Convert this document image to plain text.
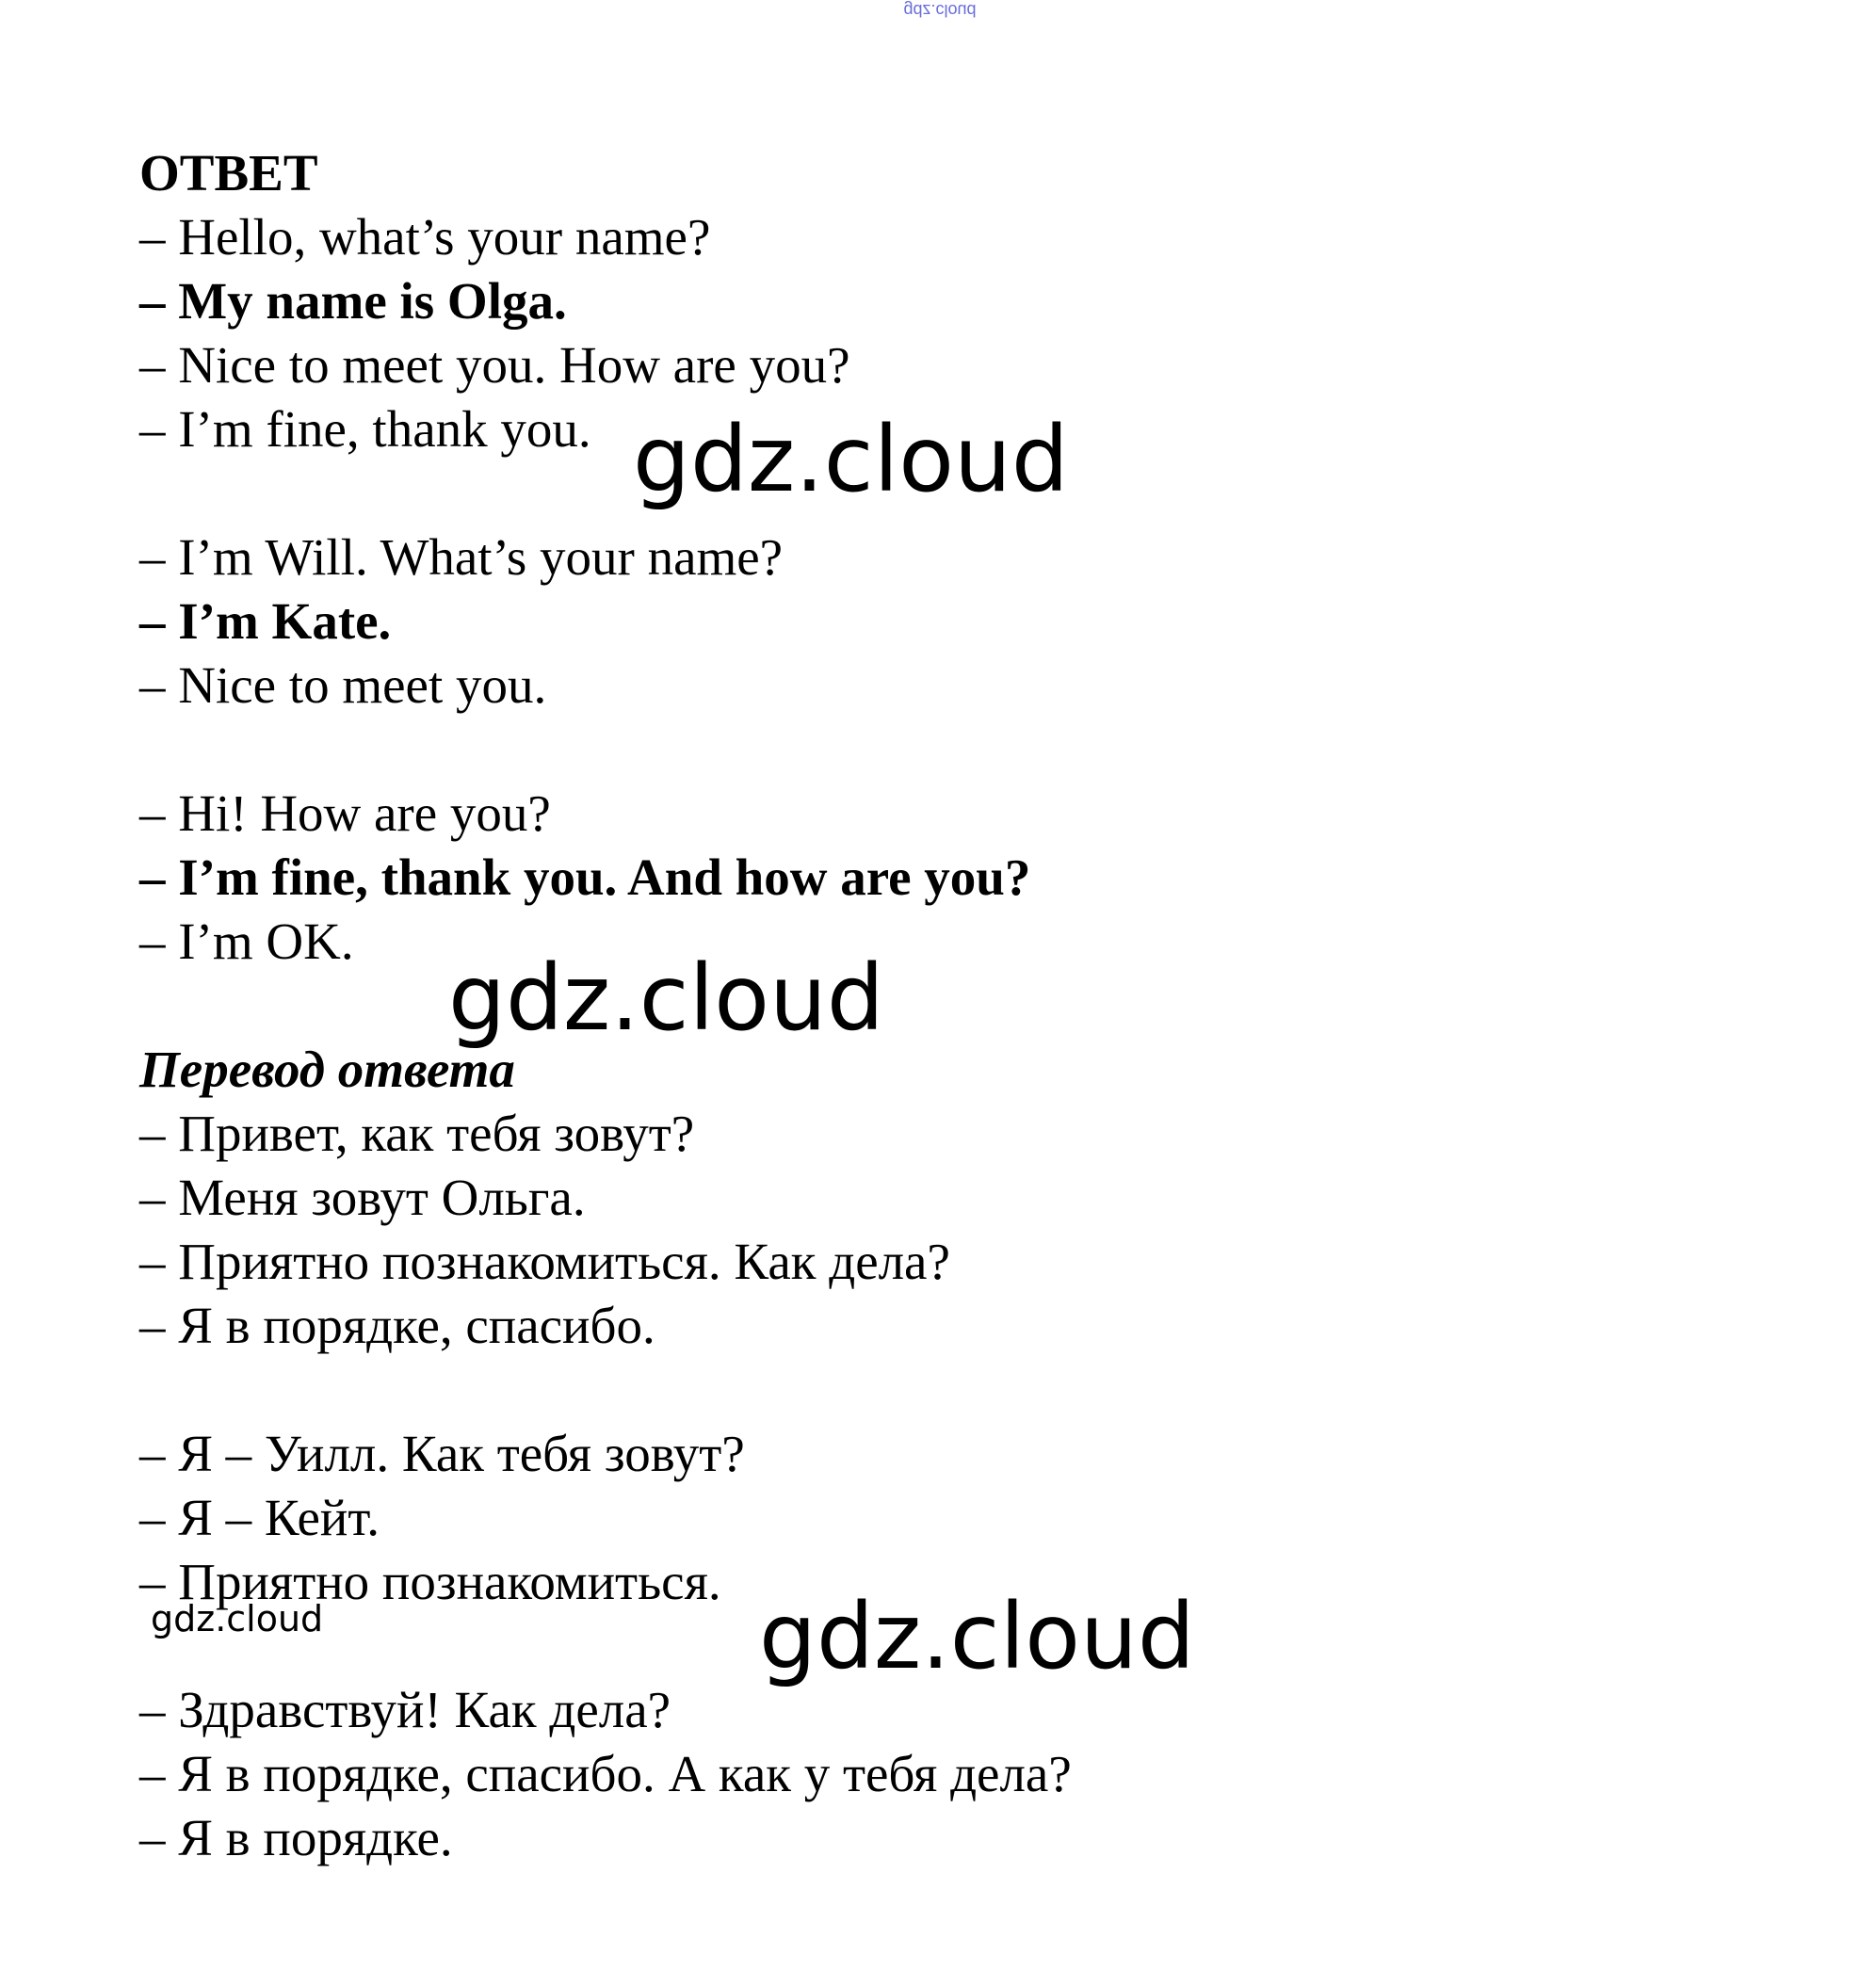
gdz.cloud
ОТВЕТ
– Hello, what’s your name?
– My name is Olga.
– Nice to meet you. How are you?
– I’m fine, thank you.
– I’m Will. What’s your name?
– I’m Kate.
– Nice to meet you.
– Hi! How are you?
– I’m fine, thank you. And how are you?
– I’m OK.
Перевод ответа
– Привет, как тебя зовут?
– Меня зовут Ольга.
– Приятно познакомиться. Как дела?
– Я в порядке, спасибо.
– Я – Уилл. Как тебя зовут?
– Я – Кейт.
– Приятно познакомиться.
– Здравствуй! Как дела?
– Я в порядке, спасибо. А как у тебя дела?
– Я в порядке.
gdz.cloud
gdz.cloud
gdz.cloud	gdz.cloud
